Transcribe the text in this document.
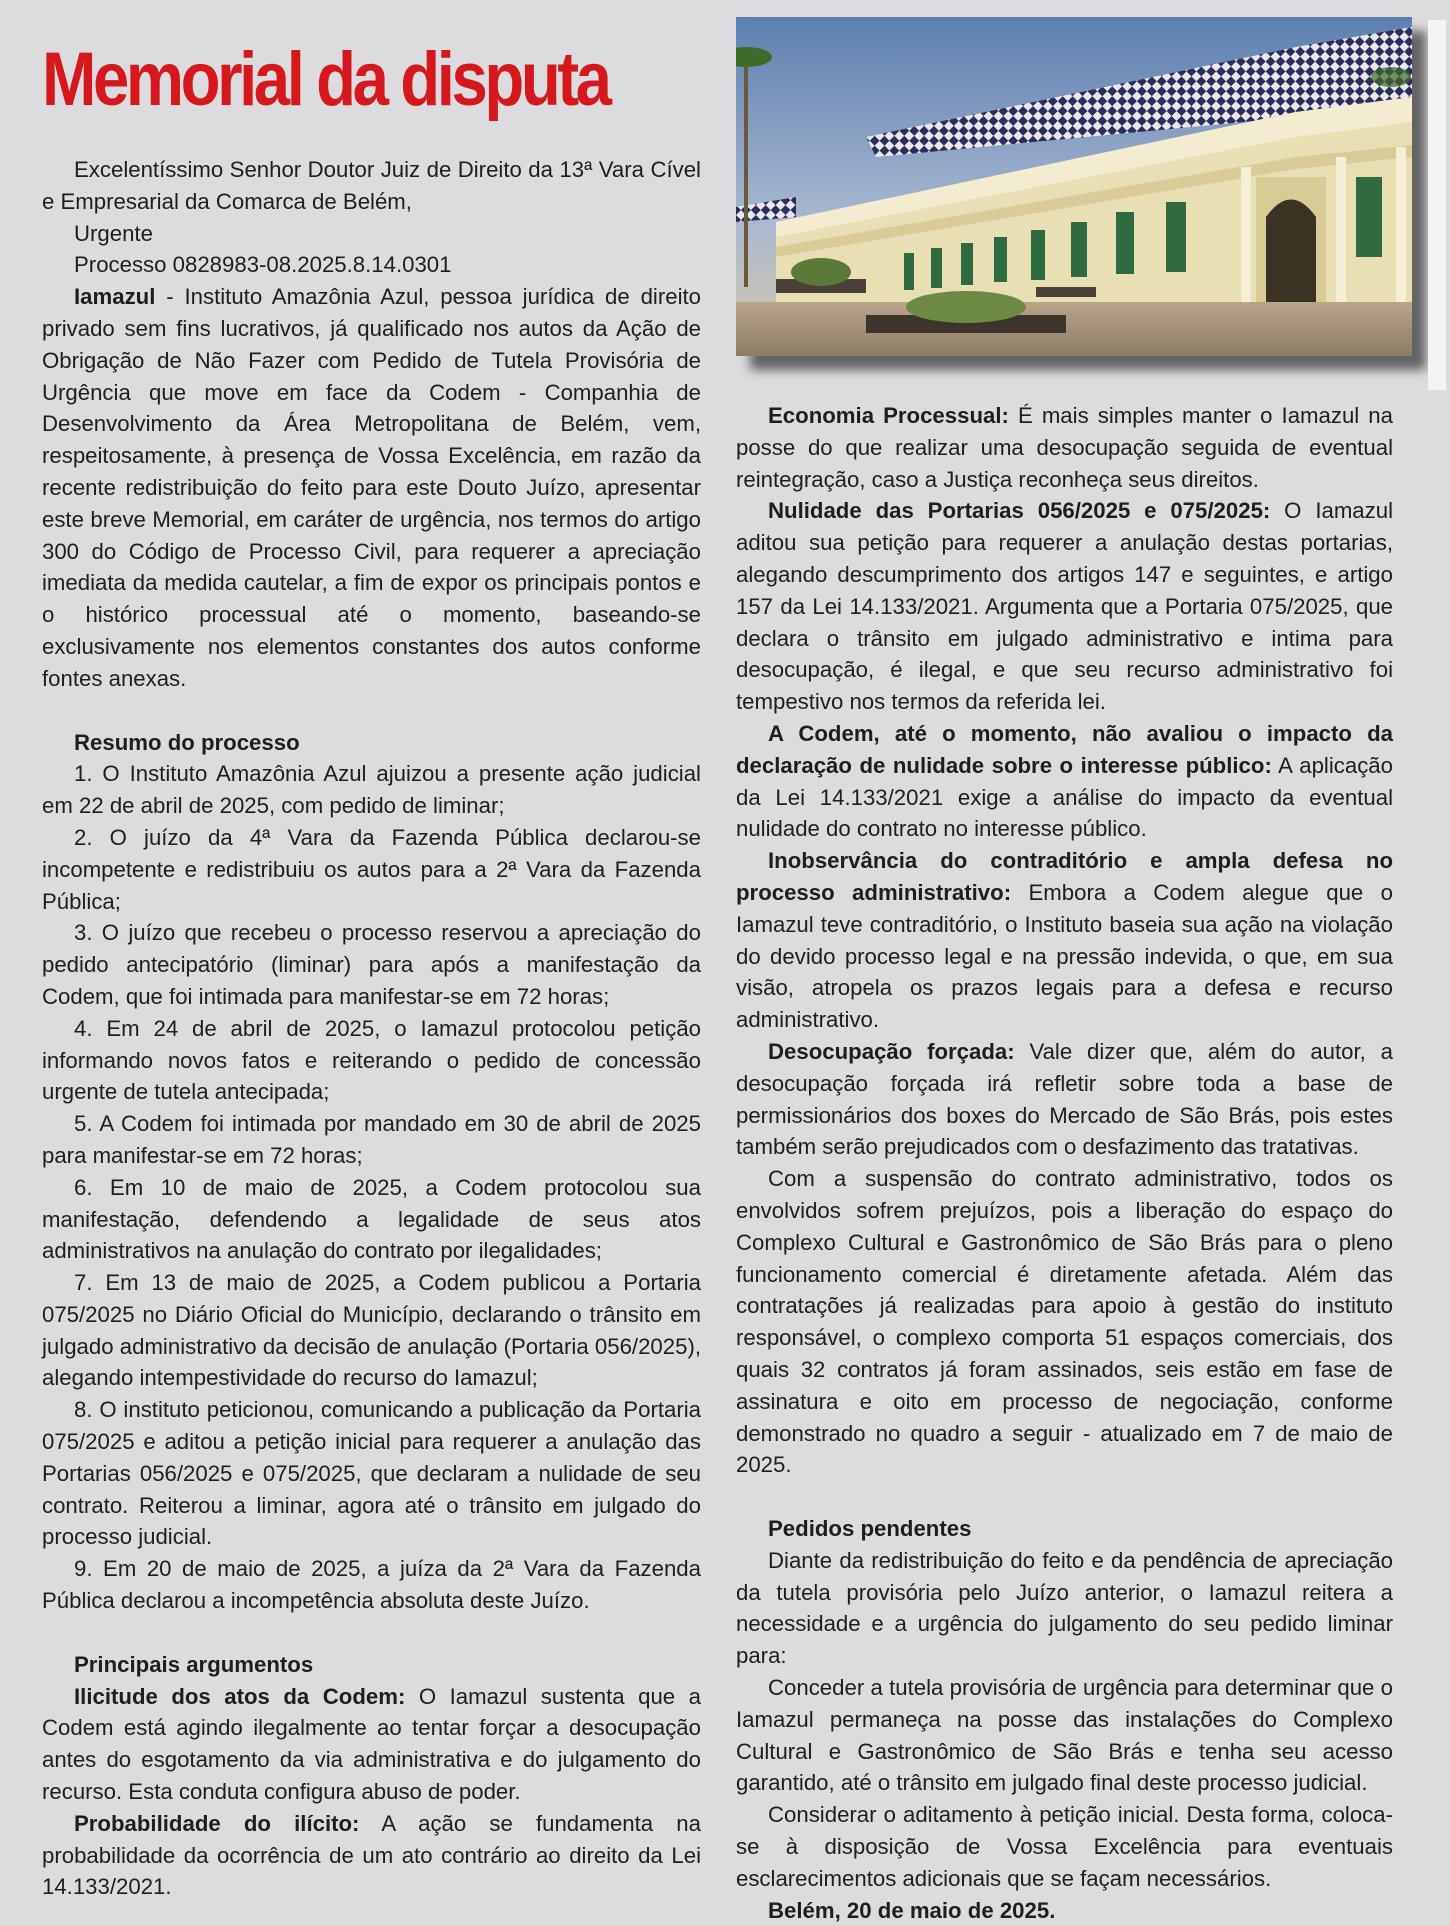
Memorial da disputa

Excelentíssimo Senhor Doutor Juiz de Direito da 13ª Vara Cível e Empresarial da Comarca de Belém,

Urgente

Processo 0828983-08.2025.8.14.0301

Iamazul - Instituto Amazônia Azul, pessoa jurídica de direito privado sem fins lucrativos, já qualificado nos autos da Ação de Obrigação de Não Fazer com Pedido de Tutela Provisória de Urgência que move em face da Codem - Companhia de Desenvolvimento da Área Metropolitana de Belém, vem, respeitosamente, à presença de Vossa Excelência, em razão da recente redistribuição do feito para este Douto Juízo, apresentar este breve Memorial, em caráter de urgência, nos termos do artigo 300 do Código de Processo Civil, para requerer a apreciação imediata da medida cautelar, a fim de expor os principais pontos e o histórico processual até o momento, baseando-se exclusivamente nos elementos constantes dos autos conforme fontes anexas.

Resumo do processo

1. O Instituto Amazônia Azul ajuizou a presente ação judicial em 22 de abril de 2025, com pedido de liminar;

2. O juízo da 4ª Vara da Fazenda Pública declarou-se incompetente e redistribuiu os autos para a 2ª Vara da Fazenda Pública;

3. O juízo que recebeu o processo reservou a apreciação do pedido antecipatório (liminar) para após a manifestação da Codem, que foi intimada para manifestar-se em 72 horas;

4. Em 24 de abril de 2025, o Iamazul protocolou petição informando novos fatos e reiterando o pedido de concessão urgente de tutela antecipada;

5. A Codem foi intimada por mandado em 30 de abril de 2025 para manifestar-se em 72 horas;

6. Em 10 de maio de 2025, a Codem protocolou sua manifestação, defendendo a legalidade de seus atos administrativos na anulação do contrato por ilegalidades;

7. Em 13 de maio de 2025, a Codem publicou a Portaria 075/2025 no Diário Oficial do Município, declarando o trânsito em julgado administrativo da decisão de anulação (Portaria 056/2025), alegando intempestividade do recurso do Iamazul;

8. O instituto peticionou, comunicando a publicação da Portaria 075/2025 e aditou a petição inicial para requerer a anulação das Portarias 056/2025 e 075/2025, que declaram a nulidade de seu contrato. Reiterou a liminar, agora até o trânsito em julgado do processo judicial.

9. Em 20 de maio de 2025, a juíza da 2ª Vara da Fazenda Pública declarou a incompetência absoluta deste Juízo.

Principais argumentos

Ilicitude dos atos da Codem: O Iamazul sustenta que a Codem está agindo ilegalmente ao tentar forçar a desocupação antes do esgotamento da via administrativa e do julgamento do recurso. Esta conduta configura abuso de poder.

Probabilidade do ilícito: A ação se fundamenta na probabilidade da ocorrência de um ato contrário ao direito da Lei 14.133/2021.

Economia Processual: É mais simples manter o Iamazul na posse do que realizar uma desocupação seguida de eventual reintegração, caso a Justiça reconheça seus direitos.

Nulidade das Portarias 056/2025 e 075/2025: O Iamazul aditou sua petição para requerer a anulação destas portarias, alegando descumprimento dos artigos 147 e seguintes, e artigo 157 da Lei 14.133/2021. Argumenta que a Portaria 075/2025, que declara o trânsito em julgado administrativo e intima para desocupação, é ilegal, e que seu recurso administrativo foi tempestivo nos termos da referida lei.

A Codem, até o momento, não avaliou o impacto da declaração de nulidade sobre o interesse público: A aplicação da Lei 14.133/2021 exige a análise do impacto da eventual nulidade do contrato no interesse público.

Inobservância do contraditório e ampla defesa no processo administrativo: Embora a Codem alegue que o Iamazul teve contraditório, o Instituto baseia sua ação na violação do devido processo legal e na pressão indevida, o que, em sua visão, atropela os prazos legais para a defesa e recurso administrativo.

Desocupação forçada: Vale dizer que, além do autor, a desocupação forçada irá refletir sobre toda a base de permissionários dos boxes do Mercado de São Brás, pois estes também serão prejudicados com o desfazimento das tratativas.

Com a suspensão do contrato administrativo, todos os envolvidos sofrem prejuízos, pois a liberação do espaço do Complexo Cultural e Gastronômico de São Brás para o pleno funcionamento comercial é diretamente afetada. Além das contratações já realizadas para apoio à gestão do instituto responsável, o complexo comporta 51 espaços comerciais, dos quais 32 contratos já foram assinados, seis estão em fase de assinatura e oito em processo de negociação, conforme demonstrado no quadro a seguir - atualizado em 7 de maio de 2025.

Pedidos pendentes

Diante da redistribuição do feito e da pendência de apreciação da tutela provisória pelo Juízo anterior, o Iamazul reitera a necessidade e a urgência do julgamento do seu pedido liminar para:

Conceder a tutela provisória de urgência para determinar que o Iamazul permaneça na posse das instalações do Complexo Cultural e Gastronômico de São Brás e tenha seu acesso garantido, até o trânsito em julgado final deste processo judicial.

Considerar o aditamento à petição inicial. Desta forma, coloca-se à disposição de Vossa Excelência para eventuais esclarecimentos adicionais que se façam necessários.

Belém, 20 de maio de 2025.
